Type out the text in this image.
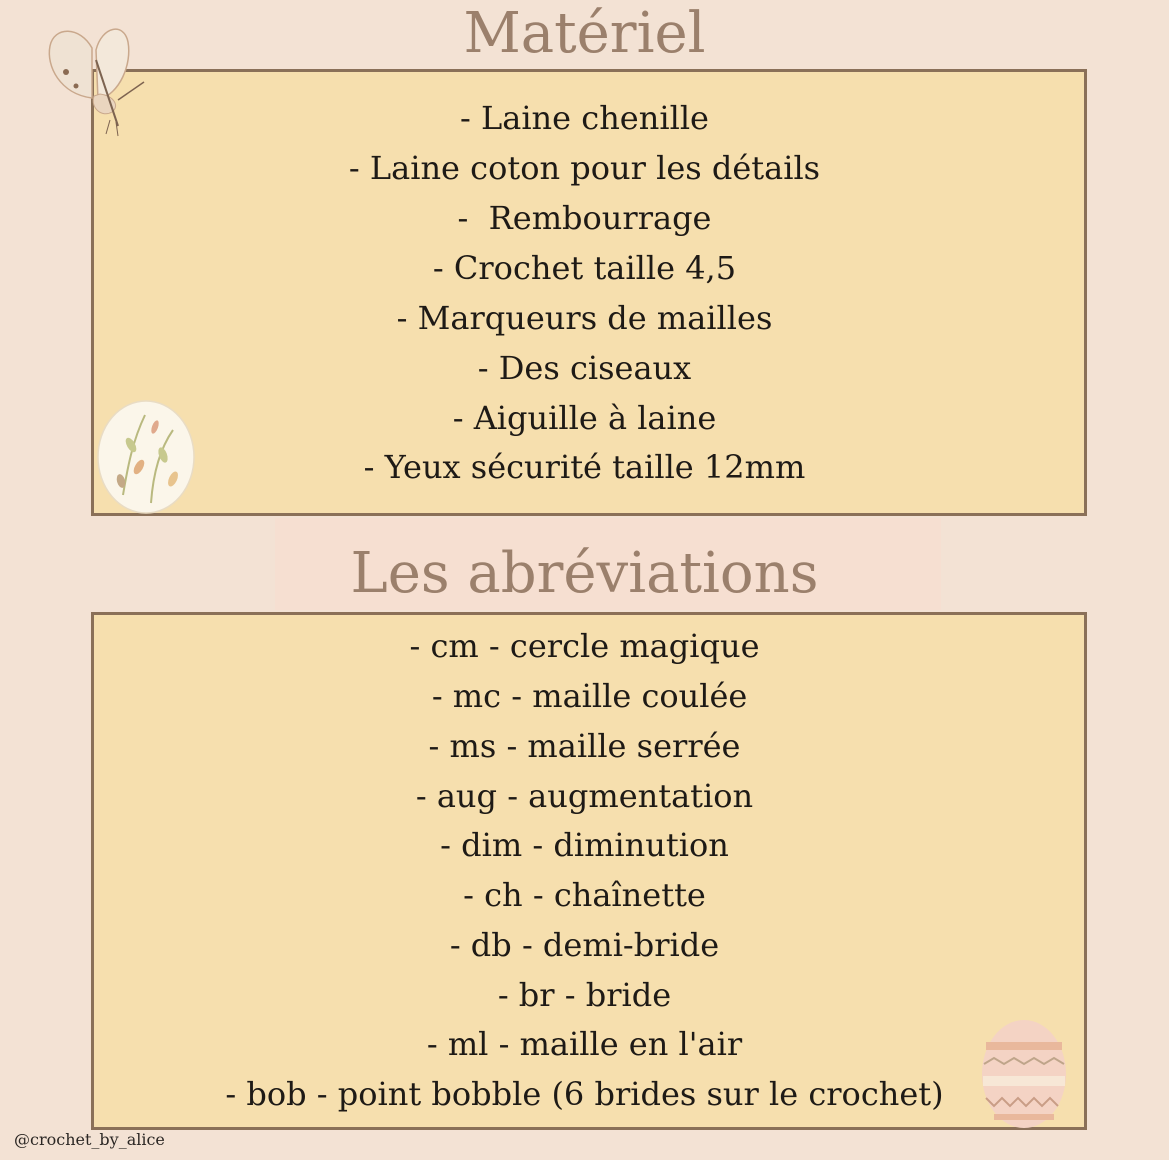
Matériel
Les abréviations
- Laine chenille
- Laine coton pour les détails
-  Rembourrage
- Crochet taille 4,5
- Marqueurs de mailles
- Des ciseaux
- Aiguille à laine
- Yeux sécurité taille 12mm
- cm - cercle magique
- mc - maille coulée
- ms - maille serrée
- aug - augmentation
- dim - diminution
- ch - chaînette
- db - demi-bride
- br - bride
- ml - maille en l'air
- bob - point bobble (6 brides sur le crochet)
@crochet_by_alice
